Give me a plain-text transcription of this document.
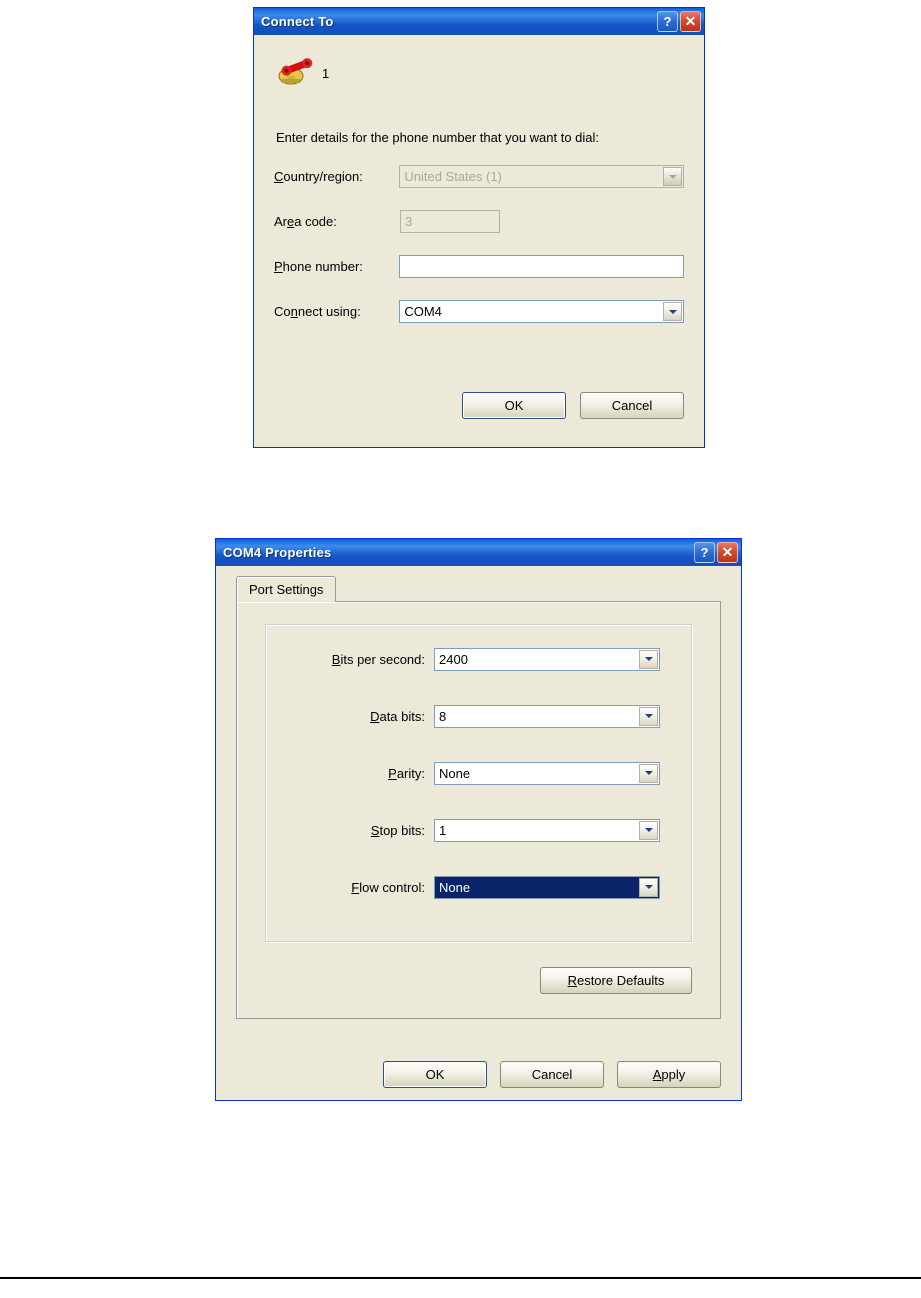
Connect To	? ✕
1
Enter details for the phone number that you want to dial:
Country/region:	United States (1)
Area code:	3
Phone number:
Connect using:	COM4
OK	Cancel
COM4 Properties	? ✕
Port Settings
Bits per second:	2400
Data bits:	8
Parity:	None
Stop bits:	1
Flow control:	None
Restore Defaults
OK	Cancel	Apply
